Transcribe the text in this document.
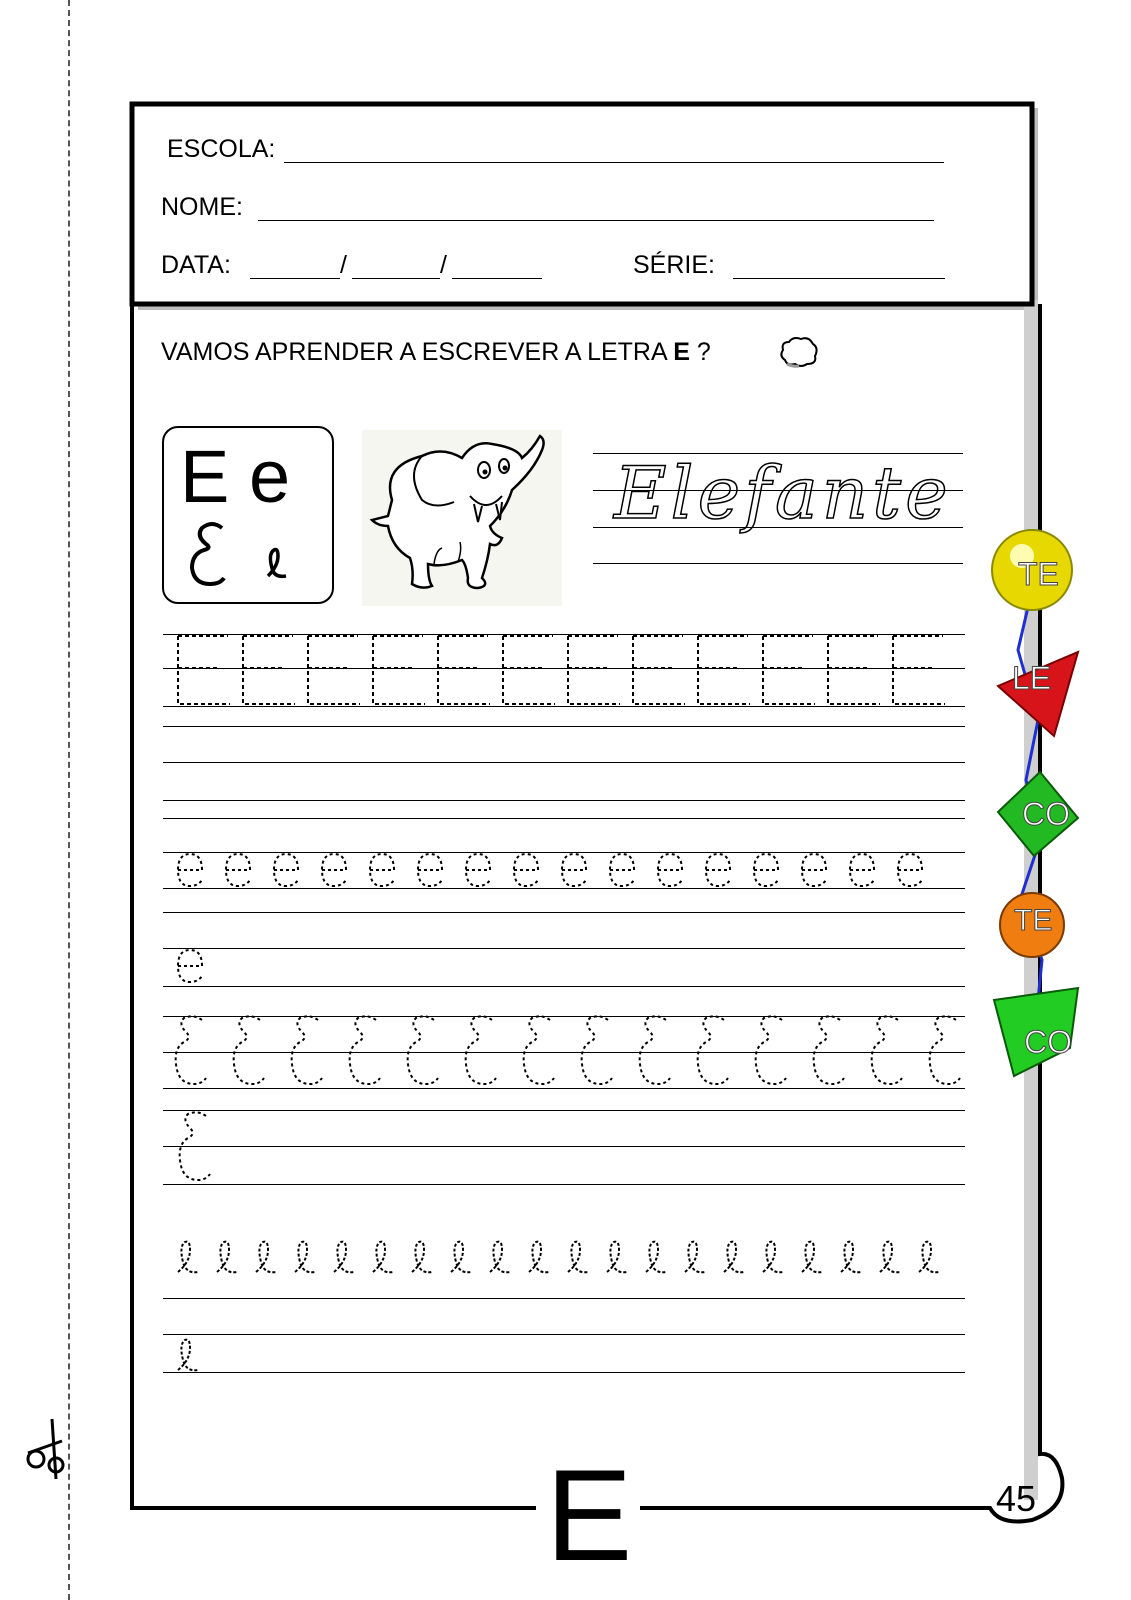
ESCOLA:
NOME:
DATA:	/	/	SÉRIE:
VAMOS APRENDER A ESCREVER A LETRA E ?
E e	Elefante
TE
LE
CO
TE
CO
E	45
